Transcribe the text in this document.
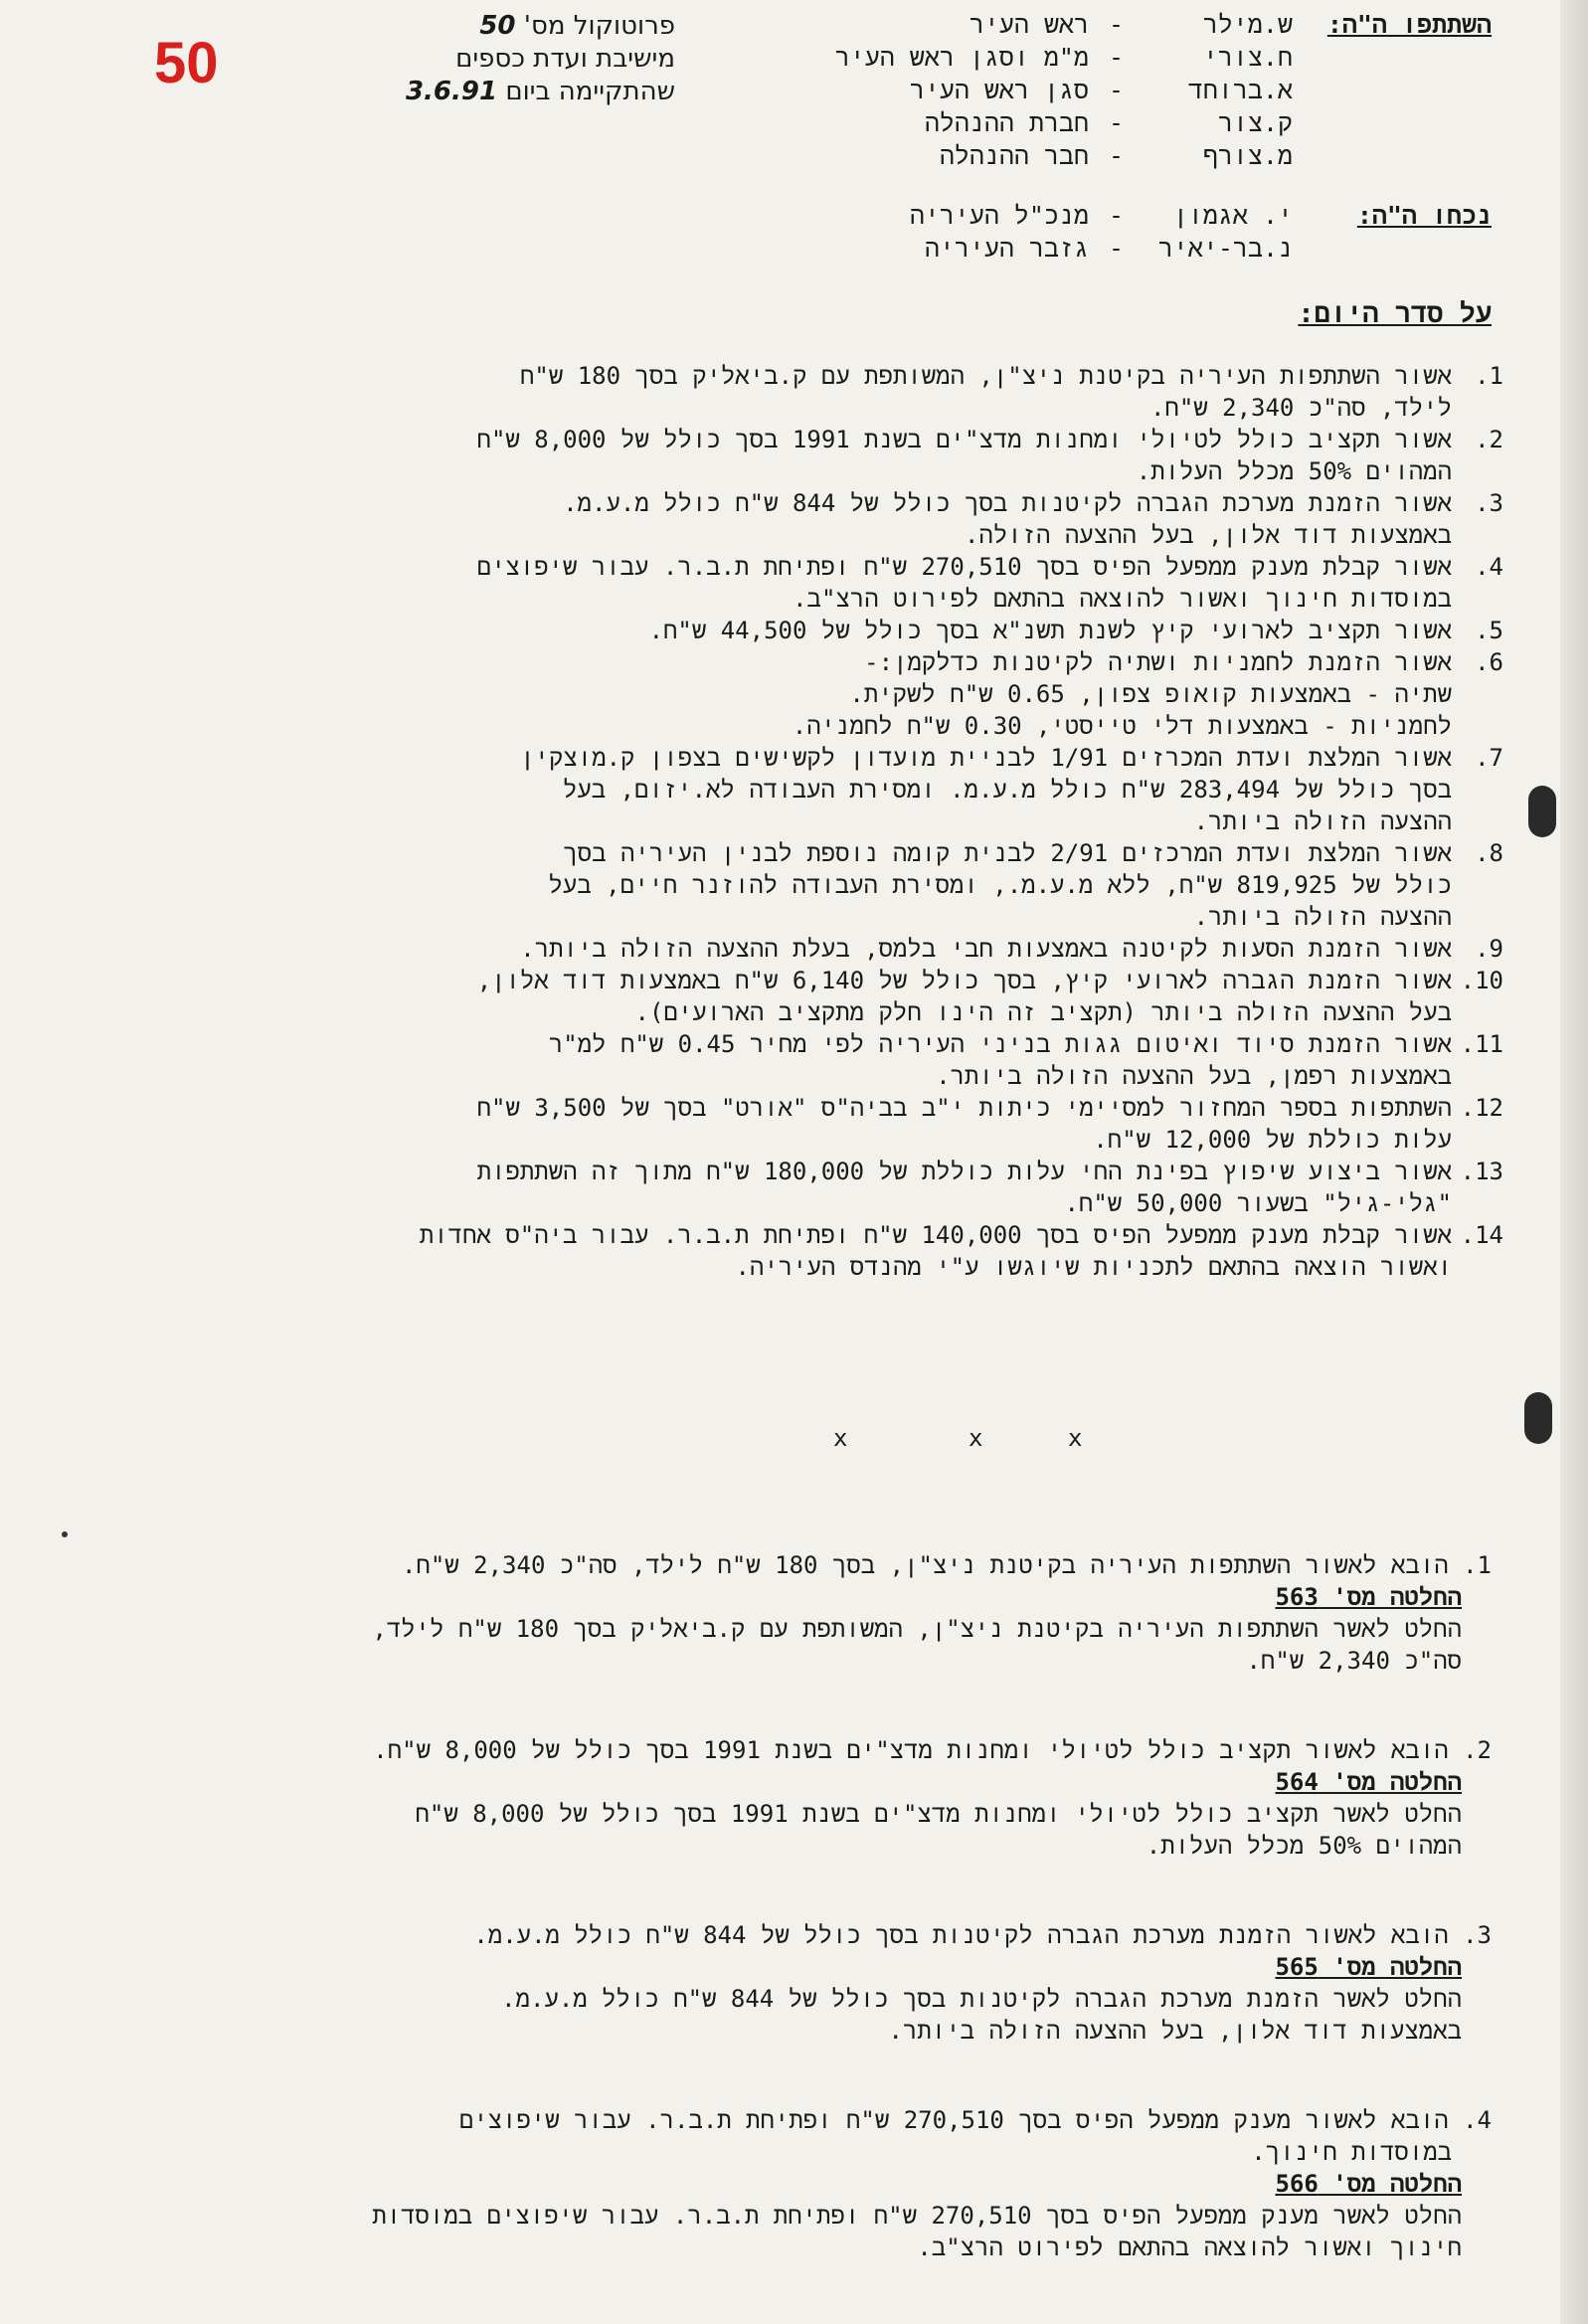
50
פרוטוקול מס' 50
מישיבת ועדת כספים
שהתקיימה ביום 3.6.91
השתתפו ה"ה:
ש.מילר
-
ראש העיר
ח.צורי
-
מ"מ וסגן ראש העיר
א.ברוחד
-
סגן ראש העיר
ק.צור
-
חברת ההנהלה
מ.צורף
-
חבר ההנהלה
נכחו ה"ה:
י. אגמון
-
מנכ"ל העיריה
נ.בר-יאיר
-
גזבר העיריה
על סדר היום:
1.

אשור השתתפות העיריה בקיטנת ניצ"ן, המשותפת עם ק.ביאליק בסך 180 ש"ח

לילד, סה"כ 2,340 ש"ח.

2.

אשור תקציב כולל לטיולי ומחנות מדצ"ים בשנת 1991 בסך כולל של 8,000 ש"ח

המהוים 50% מכלל העלות.

3.

אשור הזמנת מערכת הגברה לקיטנות בסך כולל של 844 ש"ח כולל מ.ע.מ.

באמצעות דוד אלון, בעל ההצעה הזולה.

4.

אשור קבלת מענק ממפעל הפיס בסך 270,510 ש"ח ופתיחת ת.ב.ר. עבור שיפוצים

במוסדות חינוך ואשור להוצאה בהתאם לפירוט הרצ"ב.

5.

אשור תקציב לארועי קיץ לשנת תשנ"א בסך כולל של 44,500 ש"ח.

6.

אשור הזמנת לחמניות ושתיה לקיטנות כדלקמן:-

שתיה - באמצעות קואופ צפון, 0.65 ש"ח לשקית.

לחמניות - באמצעות דלי טייסטי, 0.30 ש"ח לחמניה.

7.

אשור המלצת ועדת המכרזים 1/91 לבניית מועדון לקשישים בצפון ק.מוצקין

בסך כולל של 283,494 ש"ח כולל מ.ע.מ. ומסירת העבודה לא.יזום, בעל

ההצעה הזולה ביותר.

8.

אשור המלצת ועדת המרכזים 2/91 לבנית קומה נוספת לבנין העיריה בסך

כולל של 819,925 ש"ח, ללא מ.ע.מ., ומסירת העבודה להוזנר חיים, בעל

ההצעה הזולה ביותר.

9.

אשור הזמנת הסעות לקיטנה באמצעות חבי בלמס, בעלת ההצעה הזולה ביותר.

10.

אשור הזמנת הגברה לארועי קיץ, בסך כולל של 6,140 ש"ח באמצעות דוד אלון,

בעל ההצעה הזולה ביותר (תקציב זה הינו חלק מתקציב הארועים).

11.

אשור הזמנת סיוד ואיטום גגות בניני העיריה לפי מחיר 0.45 ש"ח למ"ר

באמצעות רפמן, בעל ההצעה הזולה ביותר.

12.

השתתפות בספר המחזור למסיימי כיתות י"ב בביה"ס "אורט" בסך של 3,500 ש"ח

עלות כוללת של 12,000 ש"ח.

13.

אשור ביצוע שיפוץ בפינת החי עלות כוללת של 180,000 ש"ח מתוך זה השתתפות

"גלי-גיל" בשעור 50,000 ש"ח.

14.

אשור קבלת מענק ממפעל הפיס בסך 140,000 ש"ח ופתיחת ת.ב.ר. עבור ביה"ס אחדות

ואשור הוצאה בהתאם לתכניות שיוגשו ע"י מהנדס העיריה.

x	x	x

1. הובא לאשור השתתפות העיריה בקיטנת ניצ"ן, בסך 180 ש"ח לילד, סה"כ 2,340 ש"ח.

החלטה מס' 563

החלט לאשר השתתפות העיריה בקיטנת ניצ"ן, המשותפת עם ק.ביאליק בסך 180 ש"ח לילד,

סה"כ 2,340 ש"ח.

2. הובא לאשור תקציב כולל לטיולי ומחנות מדצ"ים בשנת 1991 בסך כולל של 8,000 ש"ח.

החלטה מס' 564

החלט לאשר תקציב כולל לטיולי ומחנות מדצ"ים בשנת 1991 בסך כולל של 8,000 ש"ח

המהוים 50% מכלל העלות.

3. הובא לאשור הזמנת מערכת הגברה לקיטנות בסך כולל של 844 ש"ח כולל מ.ע.מ.

החלטה מס' 565

החלט לאשר הזמנת מערכת הגברה לקיטנות בסך כולל של 844 ש"ח כולל מ.ע.מ.

באמצעות דוד אלון, בעל ההצעה הזולה ביותר.

4. הובא לאשור מענק ממפעל הפיס בסך 270,510 ש"ח ופתיחת ת.ב.ר. עבור שיפוצים

במוסדות חינוך.

החלטה מס' 566

החלט לאשר מענק ממפעל הפיס בסך 270,510 ש"ח ופתיחת ת.ב.ר. עבור שיפוצים במוסדות

חינוך ואשור להוצאה בהתאם לפירוט הרצ"ב.
